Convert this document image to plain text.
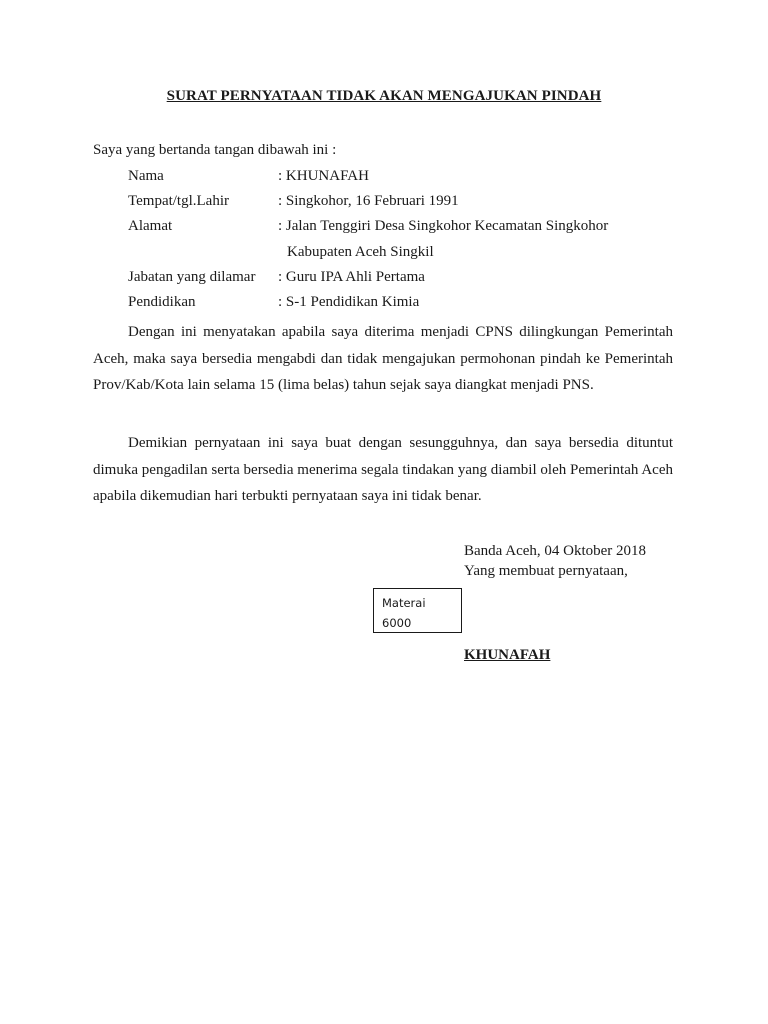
SURAT PERNYATAAN TIDAK AKAN MENGAJUKAN PINDAH
Saya yang bertanda tangan dibawah ini :
Nama	: KHUNAFAH
Tempat/tgl.Lahir	: Singkohor, 16 Februari 1991
Alamat	: Jalan Tenggiri Desa Singkohor Kecamatan Singkohor
Kabupaten Aceh Singkil
Jabatan yang dilamar : Guru IPA Ahli Pertama
Pendidikan	: S-1 Pendidikan Kimia

Dengan ini menyatakan apabila saya diterima menjadi CPNS dilingkungan Pemerintah Aceh, maka saya bersedia mengabdi dan tidak mengajukan permohonan pindah ke Pemerintah Prov/Kab/Kota lain selama 15 (lima belas) tahun sejak saya diangkat menjadi PNS.

Demikian pernyataan ini saya buat dengan sesungguhnya, dan saya bersedia dituntut dimuka pengadilan serta bersedia menerima segala tindakan yang diambil oleh Pemerintah Aceh apabila dikemudian hari terbukti pernyataan saya ini tidak benar.

Banda Aceh, 04 Oktober 2018
Yang membuat pernyataan,
Materai
6000
KHUNAFAH
